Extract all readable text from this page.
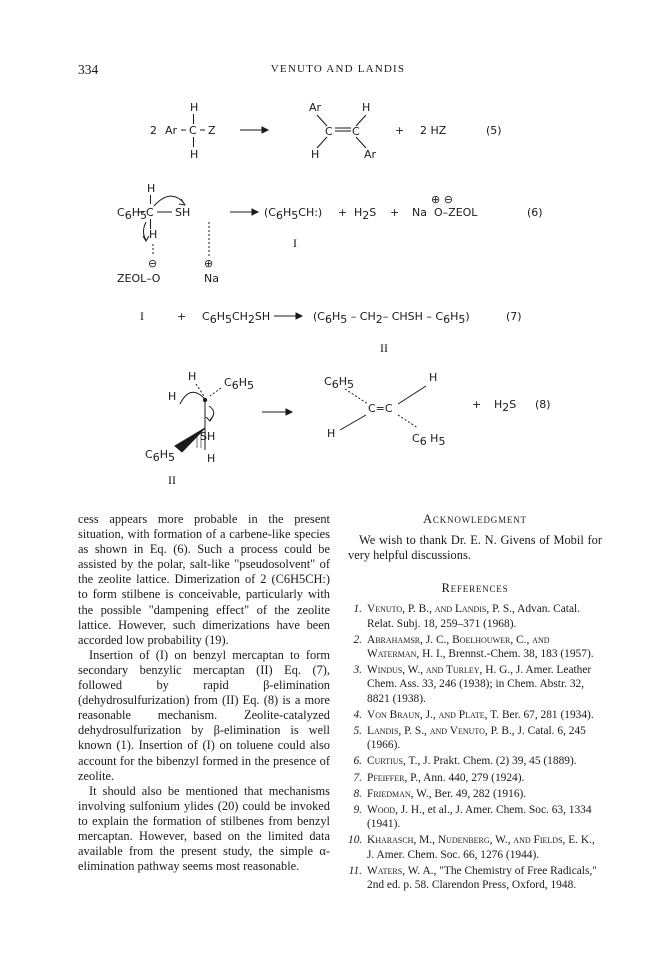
334	VENUTO AND LANDIS
H
2 Ar C Z
H
Ar	H
C C
H	Ar
+ 2 HZ	(5)
H
C6H5 C SH
H
⊖	⊕
ZEOL–O	Na
(C6H5CH:) + H2S +
⊕ ⊖
Na O–ZEOL	(6)
I
I	+ C6H5CH2SH	(C6H5 – CH2– CHSH – C6H5)	(7)
II
H	C6H5
H
SH
C6H5	H
C6H5
H
C=C
H	C6 H5
+ H2S (8)
II

cess appears more probable in the present situation, with formation of a carbene-like species as shown in Eq. (6). Such a process could be assisted by the polar, salt-like "pseudosolvent" of the zeolite lattice. Dimerization of 2 (C6H5CH:) to form stilbene is conceivable, particularly with the possible "dampening effect" of the zeolite lattice. However, such dimerizations have been accorded low probability (19).

Insertion of (I) on benzyl mercaptan to form secondary benzylic mercaptan (II) Eq. (7), followed by rapid β-elimination (dehydrosulfurization) from (II) Eq. (8) is a more reasonable mechanism. Zeolite-catalyzed dehydrosulfurization by β-elimination is well known (1). Insertion of (I) on toluene could also account for the bibenzyl formed in the presence of zeolite.

It should also be mentioned that mechanisms involving sulfonium ylides (20) could be invoked to explain the formation of stilbenes from benzyl mercaptan. However, based on the limited data available from the present study, the simple α-elimination pathway seems most reasonable.

Acknowledgment

We wish to thank Dr. E. N. Givens of Mobil for very helpful discussions.

References
1. Venuto, P. B., and Landis, P. S., Advan. Catal. Relat. Subj. 18, 259–371 (1968).
2. Abrahamsr, J. C., Boelhouwer, C., and Waterman, H. I., Brennst.-Chem. 38, 183 (1957).
3. Windus, W., and Turley, H. G., J. Amer. Leather Chem. Ass. 33, 246 (1938); in Chem. Abstr. 32, 8821 (1938).
4. Von Braun, J., and Plate, T. Ber. 67, 281 (1934).
5. Landis, P. S., and Venuto, P. B., J. Catal. 6, 245 (1966).
6. Curtius, T., J. Prakt. Chem. (2) 39, 45 (1889).
7. Pfeiffer, P., Ann. 440, 279 (1924).
8. Friedman, W., Ber. 49, 282 (1916).
9. Wood, J. H., et al., J. Amer. Chem. Soc. 63, 1334 (1941).
10. Kharasch, M., Nudenberg, W., and Fields, E. K., J. Amer. Chem. Soc. 66, 1276 (1944).
11. Waters, W. A., "The Chemistry of Free Radicals," 2nd ed. p. 58. Clarendon Press, Oxford, 1948.
